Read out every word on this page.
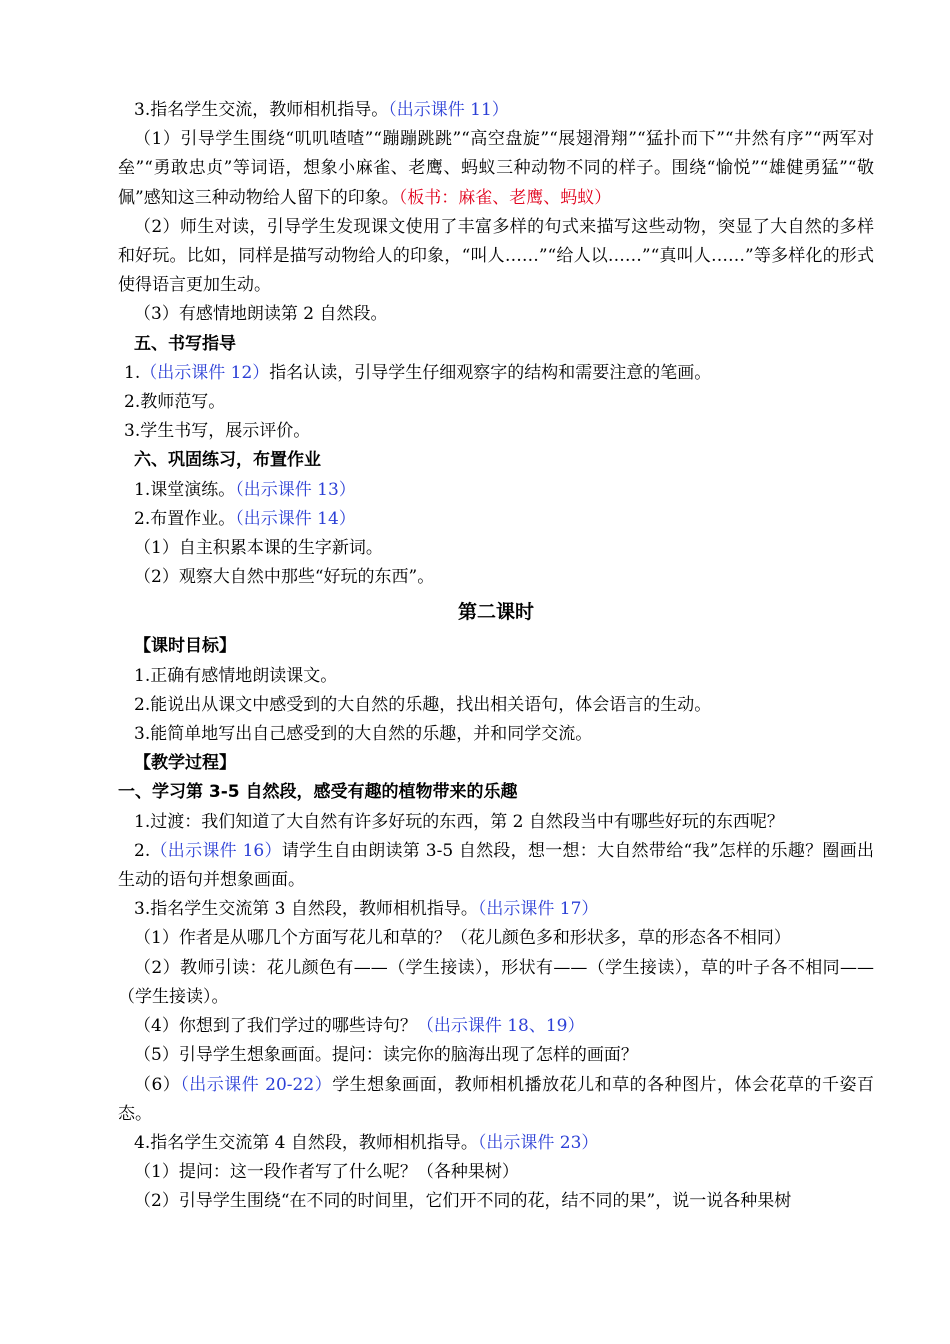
3.指名学生交流，教师相机指导。（出示课件 11）
（1）引导学生围绕“叽叽喳喳”“蹦蹦跳跳”“高空盘旋”“展翅滑翔”“猛扑而下”“井然有序”“两军对垒”“勇敢忠贞”等词语，想象小麻雀、老鹰、蚂蚁三种动物不同的样子。围绕“愉悦”“雄健勇猛”“敬佩”感知这三种动物给人留下的印象。（板书：麻雀、老鹰、蚂蚁）
（2）师生对读，引导学生发现课文使用了丰富多样的句式来描写这些动物，突显了大自然的多样和好玩。比如，同样是描写动物给人的印象，“叫人……”“给人以……”“真叫人……”等多样化的形式使得语言更加生动。
（3）有感情地朗读第 2 自然段。
五、书写指导
1.（出示课件 12）指名认读，引导学生仔细观察字的结构和需要注意的笔画。
2.教师范写。
3.学生书写，展示评价。
六、巩固练习，布置作业
1.课堂演练。（出示课件 13）
2.布置作业。（出示课件 14）
（1）自主积累本课的生字新词。
（2）观察大自然中那些“好玩的东西”。
第二课时
【课时目标】
1.正确有感情地朗读课文。
2.能说出从课文中感受到的大自然的乐趣，找出相关语句，体会语言的生动。
3.能简单地写出自己感受到的大自然的乐趣，并和同学交流。
【教学过程】
一、学习第 3-5 自然段，感受有趣的植物带来的乐趣
1.过渡：我们知道了大自然有许多好玩的东西，第 2 自然段当中有哪些好玩的东西呢？
2.（出示课件 16）请学生自由朗读第 3-5 自然段，想一想：大自然带给“我”怎样的乐趣？圈画出生动的语句并想象画面。
3.指名学生交流第 3 自然段，教师相机指导。（出示课件 17）
（1）作者是从哪几个方面写花儿和草的？（花儿颜色多和形状多，草的形态各不相同）
（2）教师引读：花儿颜色有——（学生接读），形状有——（学生接读），草的叶子各不相同——（学生接读）。
（4）你想到了我们学过的哪些诗句？（出示课件 18、19）
（5）引导学生想象画面。提问：读完你的脑海出现了怎样的画面？
（6）（出示课件 20-22）学生想象画面，教师相机播放花儿和草的各种图片，体会花草的千姿百态。
4.指名学生交流第 4 自然段，教师相机指导。（出示课件 23）
（1）提问：这一段作者写了什么呢？（各种果树）
（2）引导学生围绕“在不同的时间里，它们开不同的花，结不同的果”，说一说各种果树
